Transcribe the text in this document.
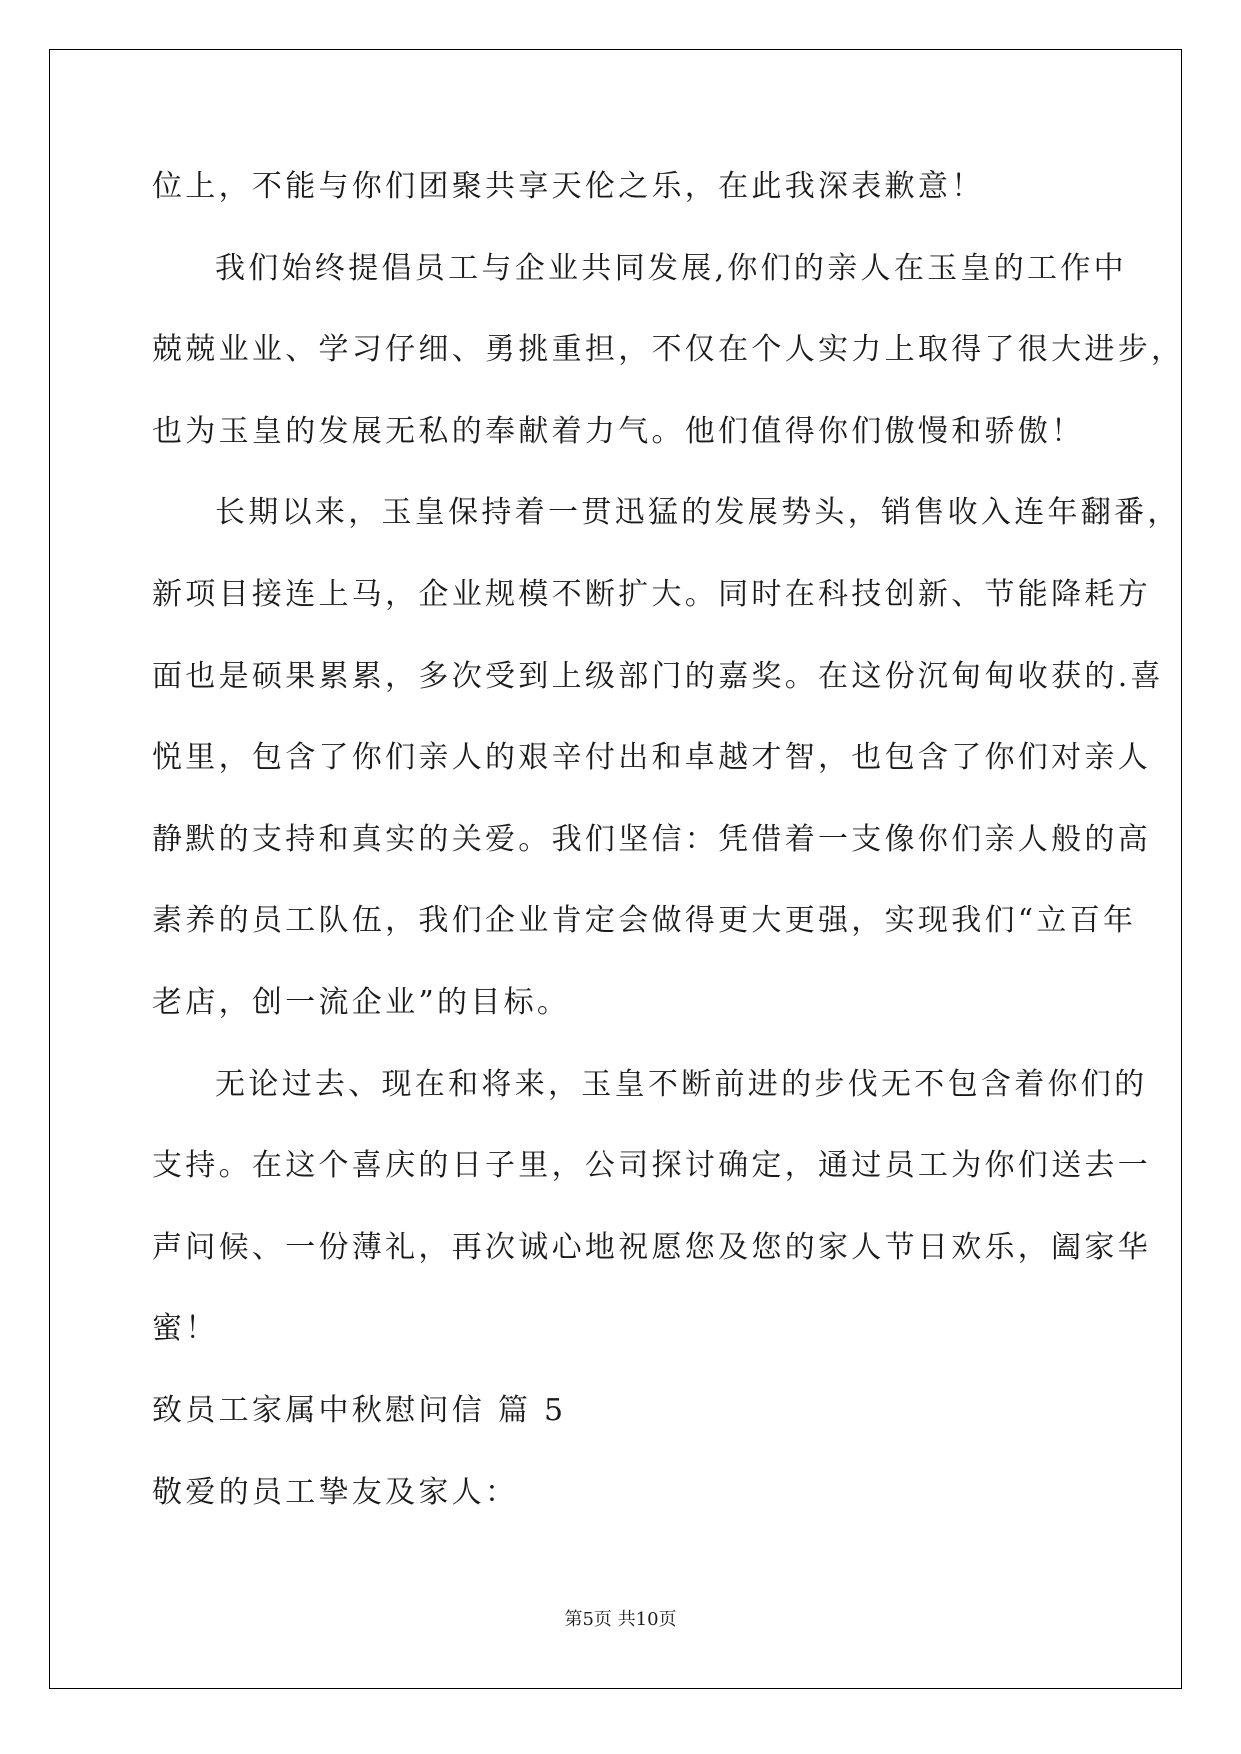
位上，不能与你们团聚共享天伦之乐，在此我深表歉意！
我们始终提倡员工与企业共同发展,你们的亲人在玉皇的工作中
兢兢业业、学习仔细、勇挑重担，不仅在个人实力上取得了很大进步，
也为玉皇的发展无私的奉献着力气。他们值得你们傲慢和骄傲！
长期以来，玉皇保持着一贯迅猛的发展势头，销售收入连年翻番，
新项目接连上马，企业规模不断扩大。同时在科技创新、节能降耗方
面也是硕果累累，多次受到上级部门的嘉奖。在这份沉甸甸收获的.喜
悦里，包含了你们亲人的艰辛付出和卓越才智，也包含了你们对亲人
静默的支持和真实的关爱。我们坚信：凭借着一支像你们亲人般的高
素养的员工队伍，我们企业肯定会做得更大更强，实现我们“立百年
老店，创一流企业”的目标。
无论过去、现在和将来，玉皇不断前进的步伐无不包含着你们的
支持。在这个喜庆的日子里，公司探讨确定，通过员工为你们送去一
声问候、一份薄礼，再次诚心地祝愿您及您的家人节日欢乐，阖家华
蜜！
致员工家属中秋慰问信 篇 5
敬爱的员工挚友及家人：
第5页 共10页
